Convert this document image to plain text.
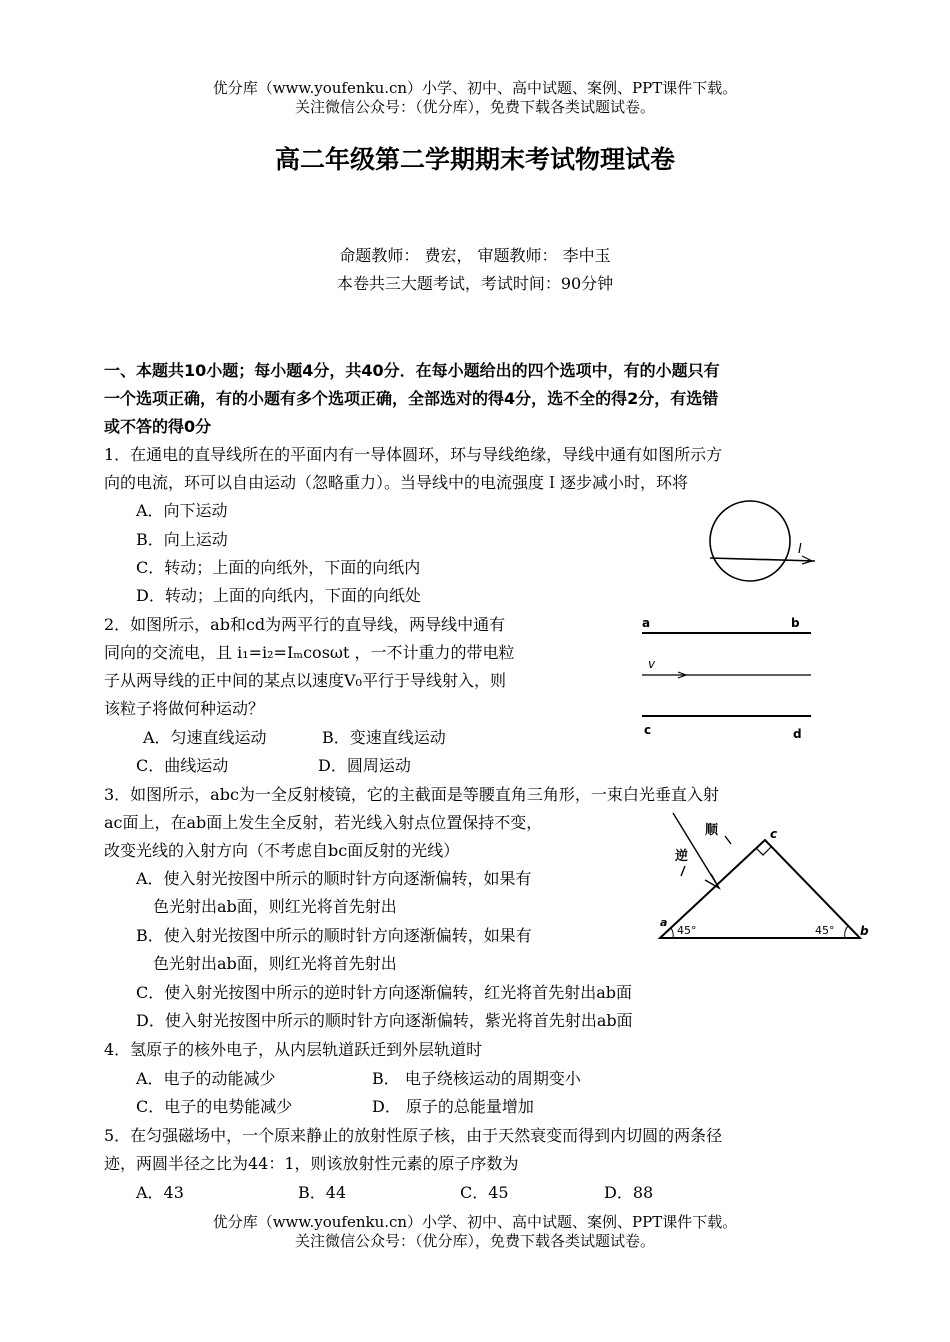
优分库（www.youfenku.cn）小学、初中、高中试题、案例、PPT课件下载。
关注微信公众号：（优分库），免费下载各类试题试卷。
高二年级第二学期期末考试物理试卷
命题教师： 费宏， 审题教师： 李中玉
本卷共三大题考试，考试时间：90分钟
一、本题共10小题；每小题4分，共40分．在每小题给出的四个选项中，有的小题只有
一个选项正确，有的小题有多个选项正确，全部选对的得4分，选不全的得2分，有选错
或不答的得0分
1．在通电的直导线所在的平面内有一导体圆环，环与导线绝缘，导线中通有如图所示方
向的电流，环可以自由运动（忽略重力）。当导线中的电流强度Ｉ逐步减小时，环将
A．向下运动
B．向上运动
C．转动；上面的向纸外，下面的向纸内
D．转动；上面的向纸内，下面的向纸处
I
2．如图所示，ab和cd为两平行的直导线，两导线中通有
同向的交流电，且 i₁=i₂=Iₘcosωt ，一不计重力的带电粒
子从两导线的正中间的某点以速度V₀平行于导线射入，则
该粒子将做何种运动？
A．匀速直线运动	B．变速直线运动
C．曲线运动	D．圆周运动
a	b
v
c	d
3．如图所示，abc为一全反射棱镜，它的主截面是等腰直角三角形，一束白光垂直入射
ac面上，在ab面上发生全反射，若光线入射点位置保持不变，
改变光线的入射方向（不考虑自bc面反射的光线）
A．使入射光按图中所示的顺时针方向逐渐偏转，如果有
色光射出ab面，则红光将首先射出
B．使入射光按图中所示的顺时针方向逐渐偏转，如果有
色光射出ab面，则红光将首先射出
C．使入射光按图中所示的逆时针方向逐渐偏转，红光将首先射出ab面
D．使入射光按图中所示的顺时针方向逐渐偏转，紫光将首先射出ab面
c
a
b
45°	45°
顺
逆
4．氢原子的核外电子，从内层轨道跃迁到外层轨道时
A．电子的动能减少	B． 电子绕核运动的周期变小
C．电子的电势能减少	D． 原子的总能量增加
5．在匀强磁场中，一个原来静止的放射性原子核，由于天然衰变而得到内切圆的两条径
迹，两圆半径之比为44：1，则该放射性元素的原子序数为
A．43	B．44	C．45	D．88
优分库（www.youfenku.cn）小学、初中、高中试题、案例、PPT课件下载。
关注微信公众号：（优分库），免费下载各类试题试卷。
